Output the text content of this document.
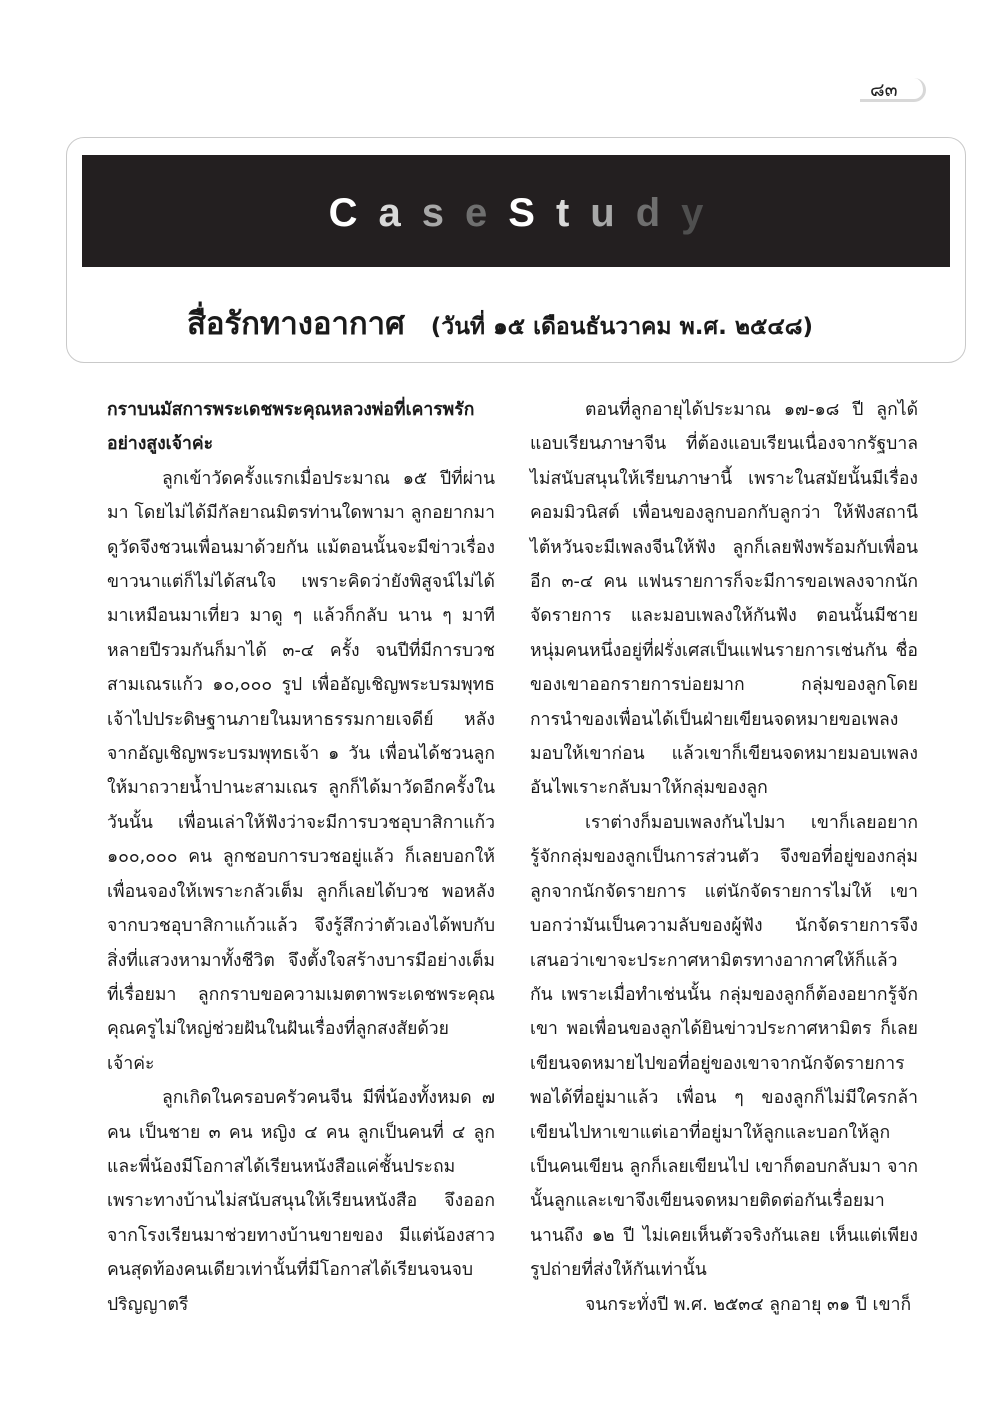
๘๓
CaseStudy
สื่อรักทางอากาศ (วันที่ ๑๕ เดือนธันวาคม พ.ศ. ๒๕๔๘)

กราบนมัสการพระเดชพระคุณหลวงพ่อที่เคารพรักอย่างสูงเจ้าค่ะ

ลูกเข้าวัดครั้งแรกเมื่อประมาณ ๑๕ ปีที่ผ่านมา โดยไม่ได้มีกัลยาณมิตรท่านใดพามา ลูกอยากมาดูวัดจึงชวนเพื่อนมาด้วยกัน แม้ตอนนั้นจะมีข่าวเรื่องขาวนาแต่ก็ไม่ได้สนใจ เพราะคิดว่ายังพิสูจน์ไม่ได้ มาเหมือนมาเที่ยว มาดู ๆ แล้วก็กลับ นาน ๆ มาทีหลายปีรวมกันก็มาได้ ๓-๔ ครั้ง จนปีที่มีการบวชสามเณรแก้ว ๑๐,๐๐๐ รูป เพื่ออัญเชิญพระบรมพุทธเจ้าไปประดิษฐานภายในมหาธรรมกายเจดีย์ หลังจากอัญเชิญพระบรมพุทธเจ้า ๑ วัน เพื่อนได้ชวนลูกให้มาถวายน้ำปานะสามเณร ลูกก็ได้มาวัดอีกครั้งในวันนั้น เพื่อนเล่าให้ฟังว่าจะมีการบวชอุบาสิกาแก้ว ๑๐๐,๐๐๐ คน ลูกชอบการบวชอยู่แล้ว ก็เลยบอกให้เพื่อนจองให้เพราะกลัวเต็ม ลูกก็เลยได้บวช พอหลังจากบวชอุบาสิกาแก้วแล้ว จึงรู้สึกว่าตัวเองได้พบกับสิ่งที่แสวงหามาทั้งชีวิต จึงตั้งใจสร้างบารมีอย่างเต็มที่เรื่อยมา ลูกกราบขอความเมตตาพระเดชพระคุณคุณครูไม่ใหญ่ช่วยฝันในฝันเรื่องที่ลูกสงสัยด้วยเจ้าค่ะ

ลูกเกิดในครอบครัวคนจีน มีพี่น้องทั้งหมด ๗ คน เป็นชาย ๓ คน หญิง ๔ คน ลูกเป็นคนที่ ๔ ลูกและพี่น้องมีโอกาสได้เรียนหนังสือแค่ชั้นประถม เพราะทางบ้านไม่สนับสนุนให้เรียนหนังสือ จึงออกจากโรงเรียนมาช่วยทางบ้านขายของ มีแต่น้องสาวคนสุดท้องคนเดียวเท่านั้นที่มีโอกาสได้เรียนจนจบปริญญาตรี

ตอนที่ลูกอายุได้ประมาณ ๑๗-๑๘ ปี ลูกได้แอบเรียนภาษาจีน ที่ต้องแอบเรียนเนื่องจากรัฐบาลไม่สนับสนุนให้เรียนภาษานี้ เพราะในสมัยนั้นมีเรื่องคอมมิวนิสต์ เพื่อนของลูกบอกกับลูกว่า ให้ฟังสถานีไต้หวันจะมีเพลงจีนให้ฟัง ลูกก็เลยฟังพร้อมกับเพื่อนอีก ๓-๔ คน แฟนรายการก็จะมีการขอเพลงจากนักจัดรายการ และมอบเพลงให้กันฟัง ตอนนั้นมีชายหนุ่มคนหนึ่งอยู่ที่ฝรั่งเศสเป็นแฟนรายการเช่นกัน ชื่อของเขาออกรายการบ่อยมาก กลุ่มของลูกโดยการนำของเพื่อนได้เป็นฝ่ายเขียนจดหมายขอเพลงมอบให้เขาก่อน แล้วเขาก็เขียนจดหมายมอบเพลงอันไพเราะกลับมาให้กลุ่มของลูก

เราต่างก็มอบเพลงกันไปมา เขาก็เลยอยากรู้จักกลุ่มของลูกเป็นการส่วนตัว จึงขอที่อยู่ของกลุ่มลูกจากนักจัดรายการ แต่นักจัดรายการไม่ให้ เขาบอกว่ามันเป็นความลับของผู้ฟัง นักจัดรายการจึงเสนอว่าเขาจะประกาศหามิตรทางอากาศให้ก็แล้วกัน เพราะเมื่อทำเช่นนั้น กลุ่มของลูกก็ต้องอยากรู้จักเขา พอเพื่อนของลูกได้ยินข่าวประกาศหามิตร ก็เลยเขียนจดหมายไปขอที่อยู่ของเขาจากนักจัดรายการ พอได้ที่อยู่มาแล้ว เพื่อน ๆ ของลูกก็ไม่มีใครกล้าเขียนไปหาเขาแต่เอาที่อยู่มาให้ลูกและบอกให้ลูกเป็นคนเขียน ลูกก็เลยเขียนไป เขาก็ตอบกลับมา จากนั้นลูกและเขาจึงเขียนจดหมายติดต่อกันเรื่อยมานานถึง ๑๒ ปี ไม่เคยเห็นตัวจริงกันเลย เห็นแต่เพียงรูปถ่ายที่ส่งให้กันเท่านั้น

จนกระทั่งปี พ.ศ. ๒๕๓๔ ลูกอายุ ๓๑ ปี เขาก็
